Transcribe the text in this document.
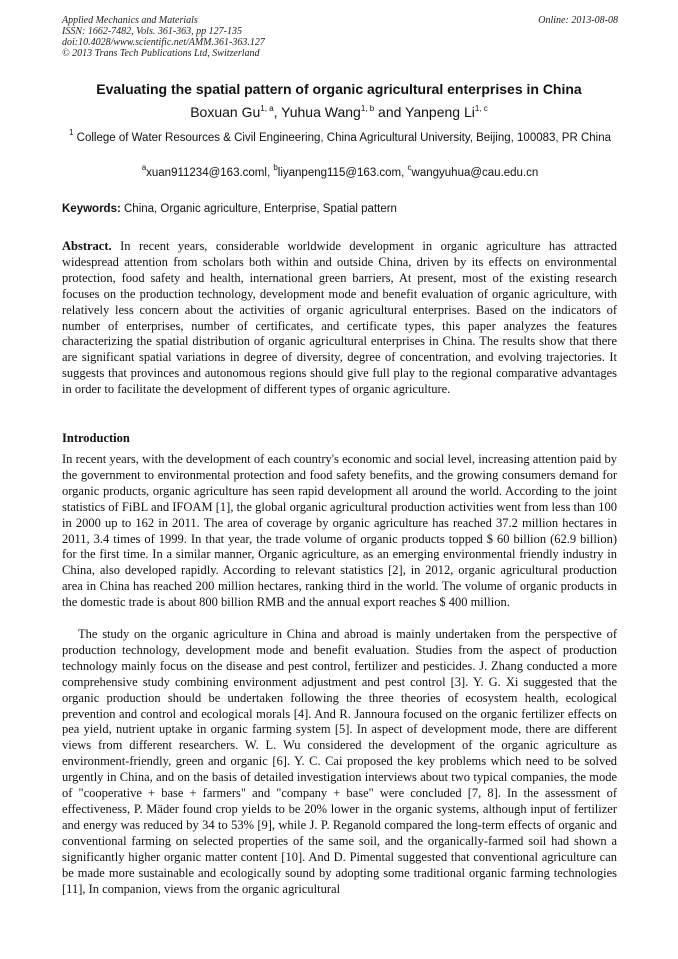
Applied Mechanics and Materials
ISSN: 1662-7482, Vols. 361-363, pp 127-135
doi:10.4028/www.scientific.net/AMM.361-363.127
© 2013 Trans Tech Publications Ltd, Switzerland
Online: 2013-08-08
Evaluating the spatial pattern of organic agricultural enterprises in China
Boxuan Gu$^{1, a}$, Yuhua Wang$^{1, b}$ and Yanpeng Li$^{1, c}$
$^1$ College of Water Resources & Civil Engineering, China Agricultural University, Beijing, 100083, PR China
$^a$xuan911234@163.coml, $^b$liyanpeng115@163.com, $^c$wangyuhua@cau.edu.cn
Keywords: China, Organic agriculture, Enterprise, Spatial pattern
Abstract. In recent years, considerable worldwide development in organic agriculture has attracted widespread attention from scholars both within and outside China, driven by its effects on environmental protection, food safety and health, international green barriers, At present, most of the existing research focuses on the production technology, development mode and benefit evaluation of organic agriculture, with relatively less concern about the activities of organic agricultural enterprises. Based on the indicators of number of enterprises, number of certificates, and certificate types, this paper analyzes the features characterizing the spatial distribution of organic agricultural enterprises in China. The results show that there are significant spatial variations in degree of diversity, degree of concentration, and evolving trajectories. It suggests that provinces and autonomous regions should give full play to the regional comparative advantages in order to facilitate the development of different types of organic agriculture.
Introduction
In recent years, with the development of each country's economic and social level, increasing attention paid by the government to environmental protection and food safety benefits, and the growing consumers demand for organic products, organic agriculture has seen rapid development all around the world. According to the joint statistics of FiBL and IFOAM [1], the global organic agricultural production activities went from less than 100 in 2000 up to 162 in 2011. The area of coverage by organic agriculture has reached 37.2 million hectares in 2011, 3.4 times of 1999. In that year, the trade volume of organic products topped $ 60 billion (62.9 billion) for the first time. In a similar manner, Organic agriculture, as an emerging environmental friendly industry in China, also developed rapidly. According to relevant statistics [2], in 2012, organic agricultural production area in China has reached 200 million hectares, ranking third in the world. The volume of organic products in the domestic trade is about 800 billion RMB and the annual export reaches $ 400 million.
The study on the organic agriculture in China and abroad is mainly undertaken from the perspective of production technology, development mode and benefit evaluation. Studies from the aspect of production technology mainly focus on the disease and pest control, fertilizer and pesticides. J. Zhang conducted a more comprehensive study combining environment adjustment and pest control [3]. Y. G. Xi suggested that the organic production should be undertaken following the three theories of ecosystem health, ecological prevention and control and ecological morals [4]. And R. Jannoura focused on the organic fertilizer effects on pea yield, nutrient uptake in organic farming system [5]. In aspect of development mode, there are different views from different researchers. W. L. Wu considered the development of the organic agriculture as environment-friendly, green and organic [6]. Y. C. Cai proposed the key problems which need to be solved urgently in China, and on the basis of detailed investigation interviews about two typical companies, the mode of "cooperative + base + farmers" and "company + base" were concluded [7, 8]. In the assessment of effectiveness, P. Mäder found crop yields to be 20% lower in the organic systems, although input of fertilizer and energy was reduced by 34 to 53% [9], while J. P. Reganold compared the long-term effects of organic and conventional farming on selected properties of the same soil, and the organically-farmed soil had shown a significantly higher organic matter content [10]. And D. Pimental suggested that conventional agriculture can be made more sustainable and ecologically sound by adopting some traditional organic farming technologies [11], In companion, views from the organic agricultural
